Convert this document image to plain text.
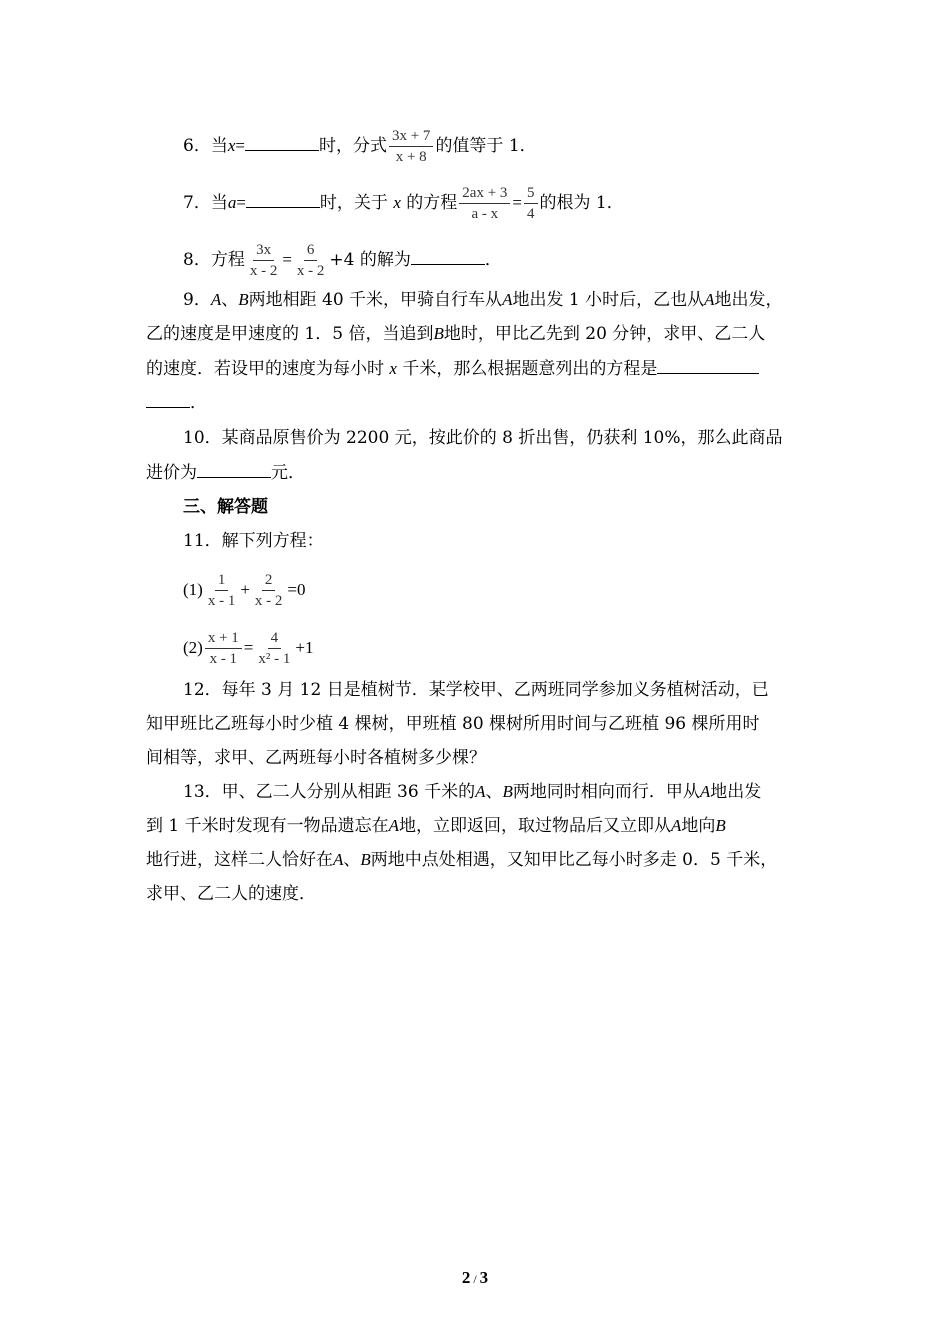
6．当x=	时，分式 $\frac{3x + 7}{x + 8}$ 的值等于 1．
7．当a=	时，关于 x 的方程 $\frac{2ax + 3}{a - x} = \frac{5}{4}$ 的根为 1．
8．方程 $\frac{3x}{x - 2} = \frac{6}{x - 2} +4$ 的解为	．
9．A、B两地相距 40 千米，甲骑自行车从A地出发 1 小时后，乙也从A地出发，
乙的速度是甲速度的 1．5 倍，当追到B地时，甲比乙先到 20 分钟，求甲、乙二人
的速度．若设甲的速度为每小时 x 千米，那么根据题意列出的方程是
．
10．某商品原售价为 2200 元，按此价的 8 折出售，仍获利 10%，那么此商品
进价为	元．
三、解答题
11．解下列方程：
$(1) \frac{1}{x - 1} + \frac{2}{x - 2} =0$
$(2) \frac{x + 1}{x - 1} = \frac{4}{\text{x² - 1}} +1$
12．每年 3 月 12 日是植树节．某学校甲、乙两班同学参加义务植树活动，已
知甲班比乙班每小时少植 4 棵树，甲班植 80 棵树所用时间与乙班植 96 棵所用时
间相等，求甲、乙两班每小时各植树多少棵？
13．甲、乙二人分别从相距 36 千米的A、B两地同时相向而行．甲从A地出发
到 1 千米时发现有一物品遗忘在A地，立即返回，取过物品后又立即从A地向B
地行进，这样二人恰好在A、B两地中点处相遇，又知甲比乙每小时多走 0．5 千米，
求甲、乙二人的速度．
2 / 3
